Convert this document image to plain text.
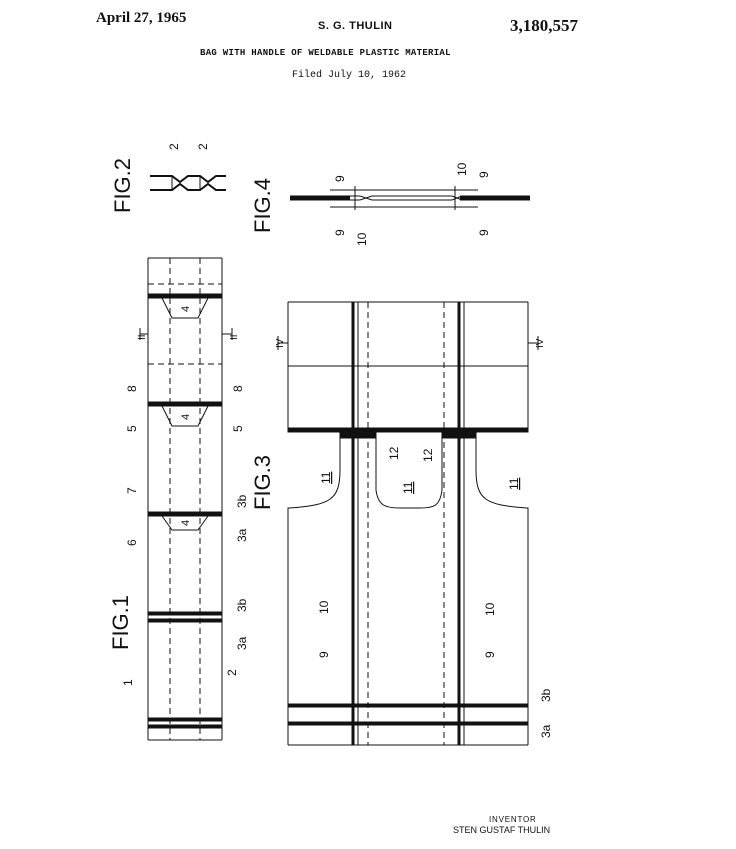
April 27, 1965	S. G. THULIN	3,180,557
BAG WITH HANDLE OF WELDABLE PLASTIC MATERIAL
Filed July 10, 1962
FIG.2
2 2
FIG.4	9
9 10
10 9
9
FIG.1
1
2
4
4
4
II	II
8	8
5	5
7
6
3b
3a
3b
3a
FIG.3
IV	IV
11
11	11
12 12
10	10
9	9
3b
3a
INVENTOR
STEN GUSTAF THULIN
